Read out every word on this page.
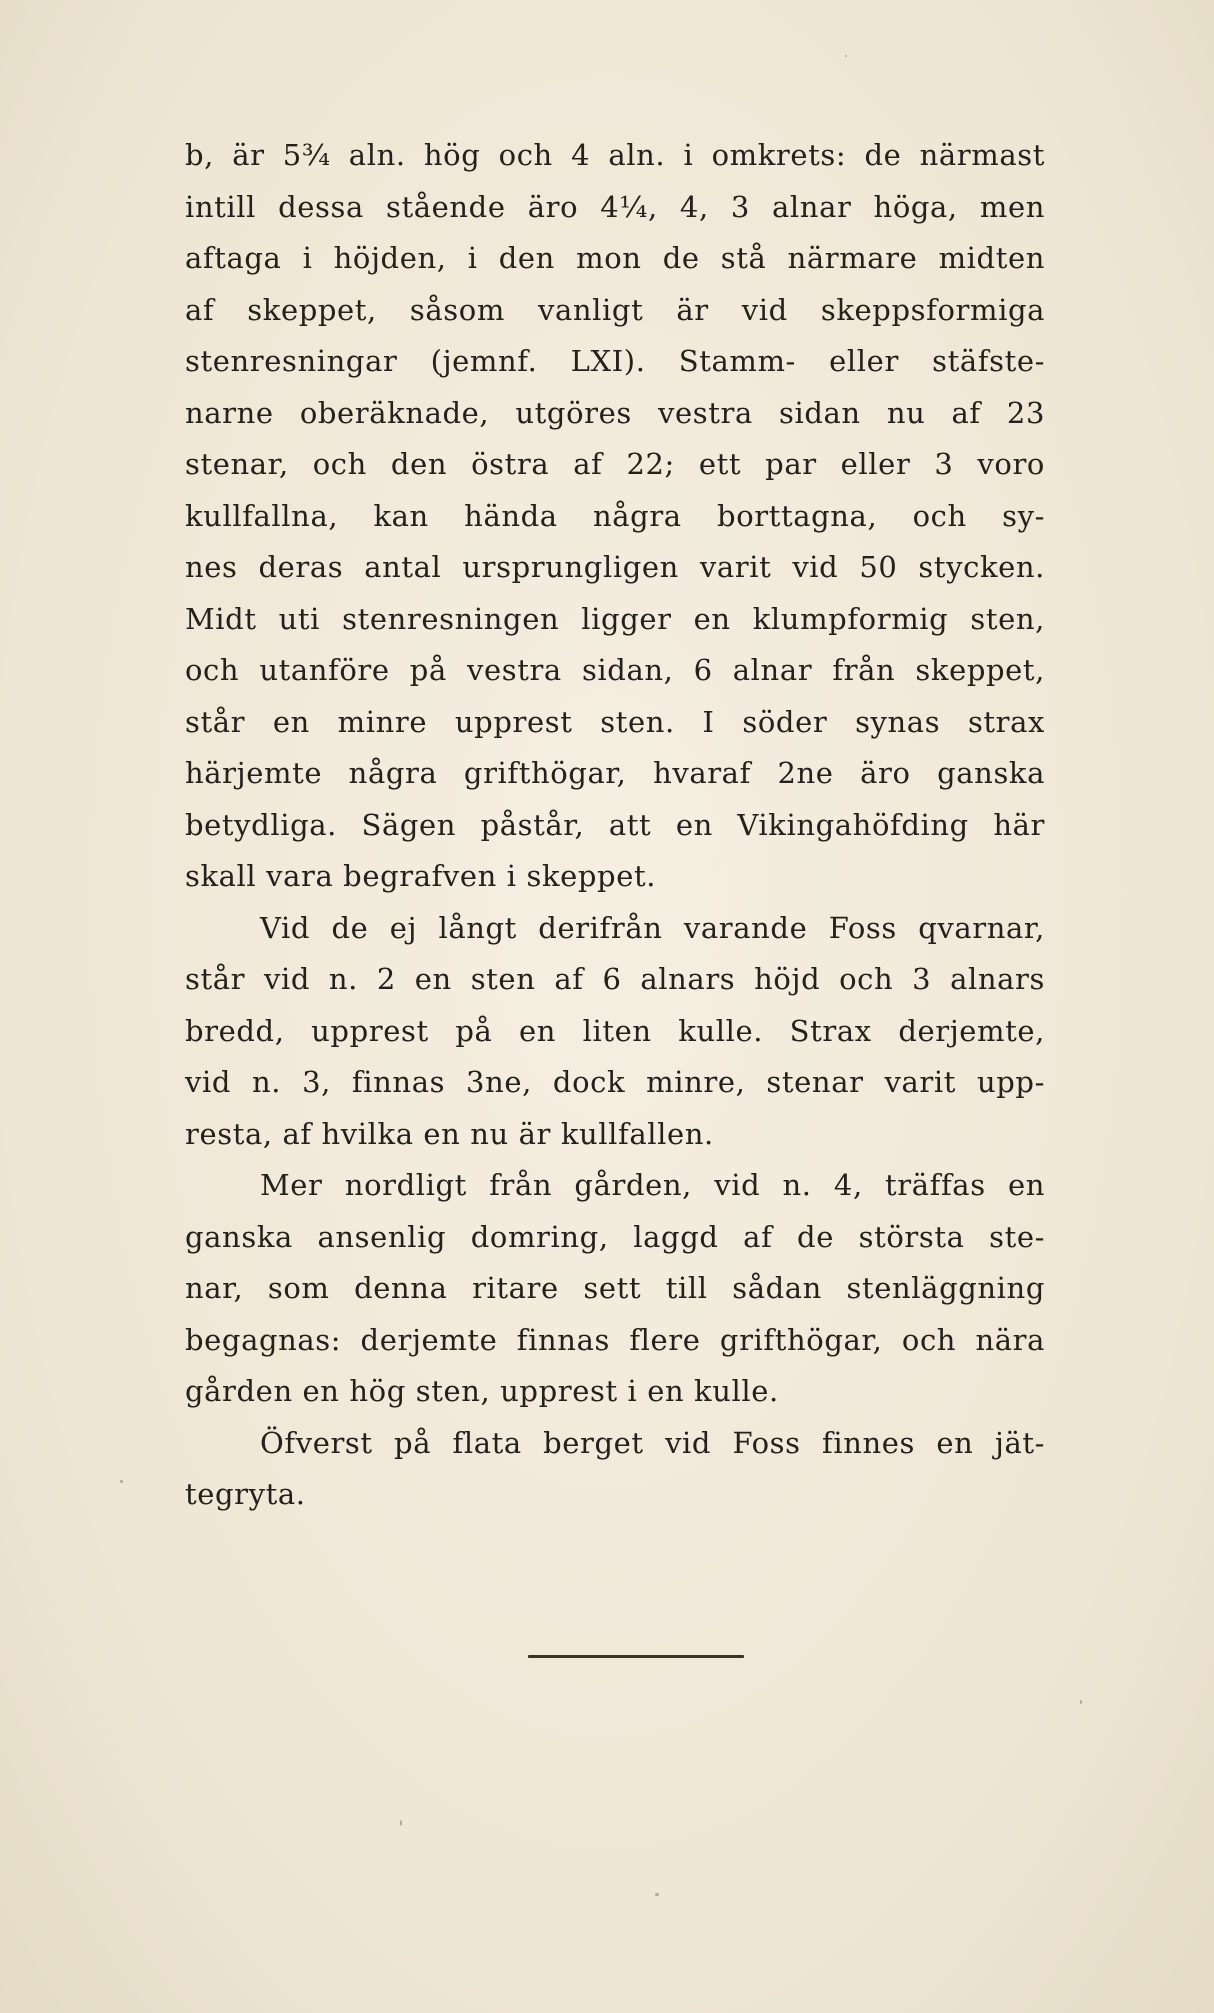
b, är 5¾ aln. hög och 4 aln. i omkrets: de närmast
intill dessa stående äro 4¼, 4, 3 alnar höga, men
aftaga i höjden, i den mon de stå närmare midten
af skeppet, såsom vanligt är vid skeppsformiga
stenresningar (jemnf. LXI). Stamm- eller stäfste-
narne oberäknade, utgöres vestra sidan nu af 23
stenar, och den östra af 22; ett par eller 3 voro
kullfallna, kan hända några borttagna, och sy-
nes deras antal ursprungligen varit vid 50 stycken.
Midt uti stenresningen ligger en klumpformig sten,
och utanföre på vestra sidan, 6 alnar från skeppet,
står en minre upprest sten. I söder synas strax
härjemte några grifthögar, hvaraf 2ne äro ganska
betydliga. Sägen påstår, att en Vikingahöfding här
skall vara begrafven i skeppet.
Vid de ej långt derifrån varande Foss qvarnar,
står vid n. 2 en sten af 6 alnars höjd och 3 alnars
bredd, upprest på en liten kulle. Strax derjemte,
vid n. 3, finnas 3ne, dock minre, stenar varit upp-
resta, af hvilka en nu är kullfallen.
Mer nordligt från gården, vid n. 4, träffas en
ganska ansenlig domring, laggd af de största ste-
nar, som denna ritare sett till sådan stenläggning
begagnas: derjemte finnas flere grifthögar, och nära
gården en hög sten, upprest i en kulle.
Öfverst på flata berget vid Foss finnes en jät-
tegryta.
